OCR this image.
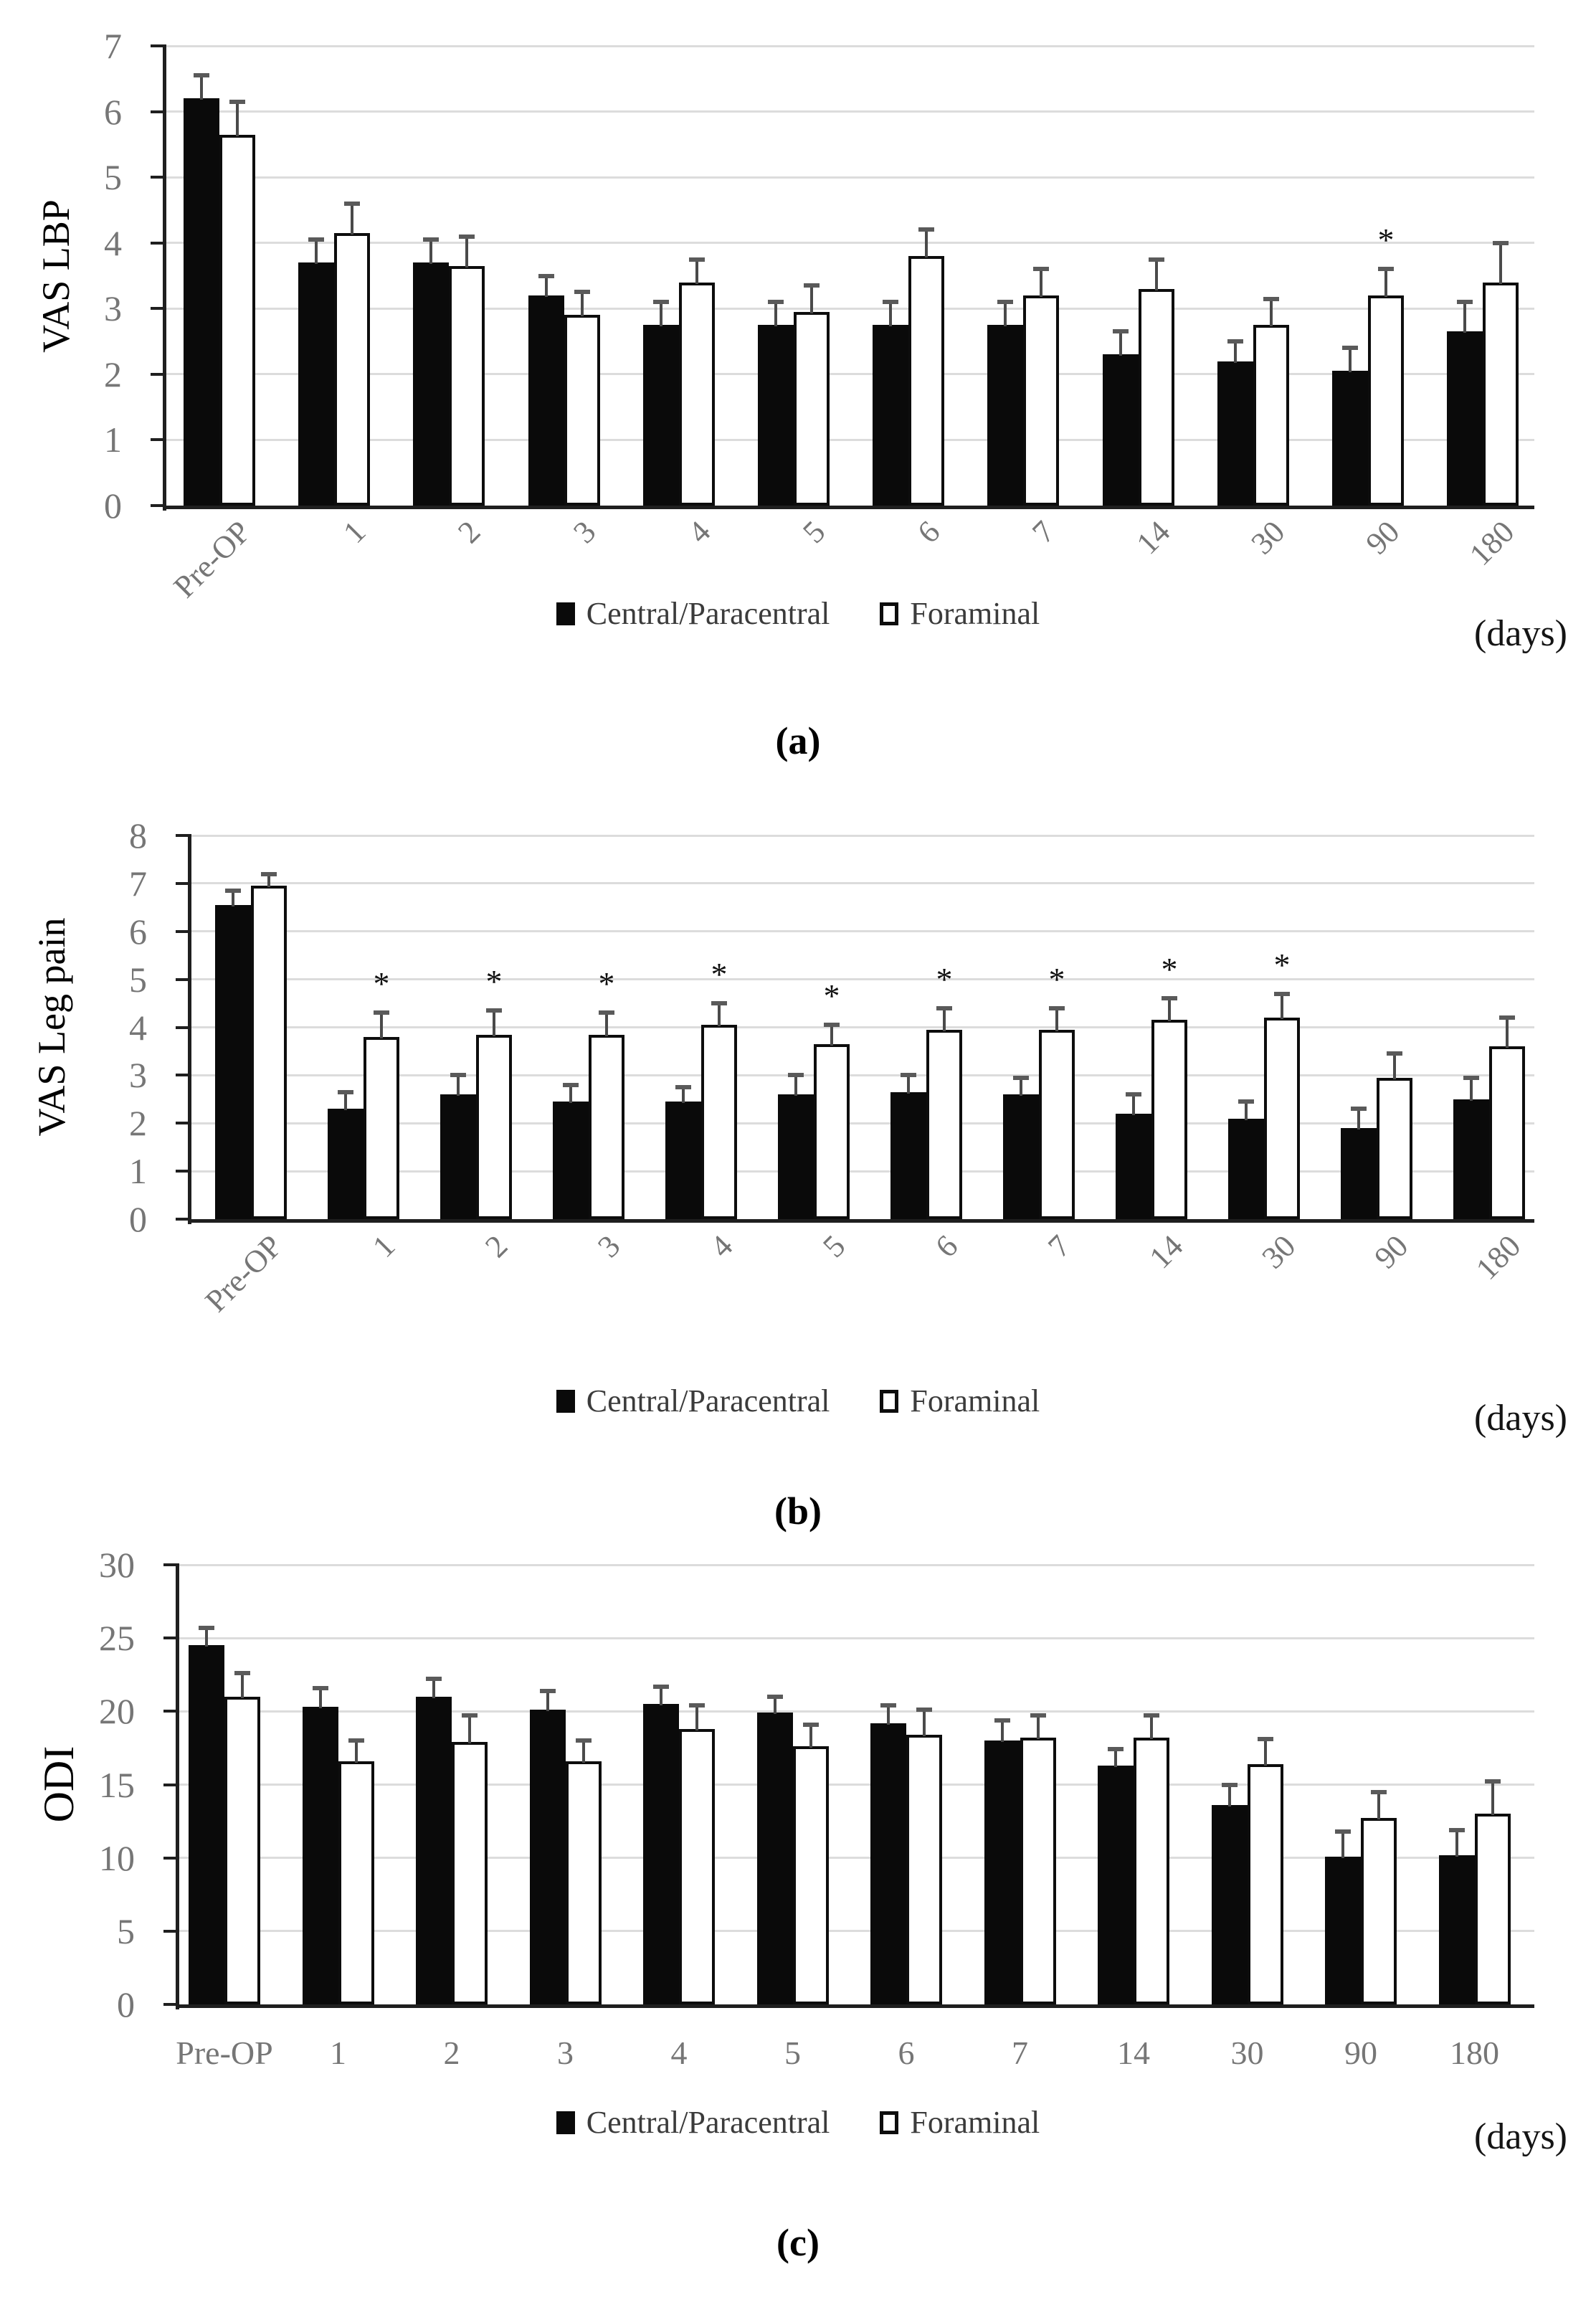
VAS LBP
Pre-OP 1 2 3 4 5 6 7 14 30
*
90 180
0
1
2
3
4
5
6
7
Central/Paracentral	Foraminal	(days)
(a)
VAS Leg pain
Pre-OP
*
1
*
2
*
3
*
4
*
5
*
6
*
7
*
14
*
30 90 180
0
1
2
3
4
5
6
7
8
Central/Paracentral	Foraminal	(days)
(b)
ODI
Pre-OP	1	2	3	4	5	6	7	14	30	90	180
0
5
10
15
20
25
30
Central/Paracentral	Foraminal	(days)
(c)
